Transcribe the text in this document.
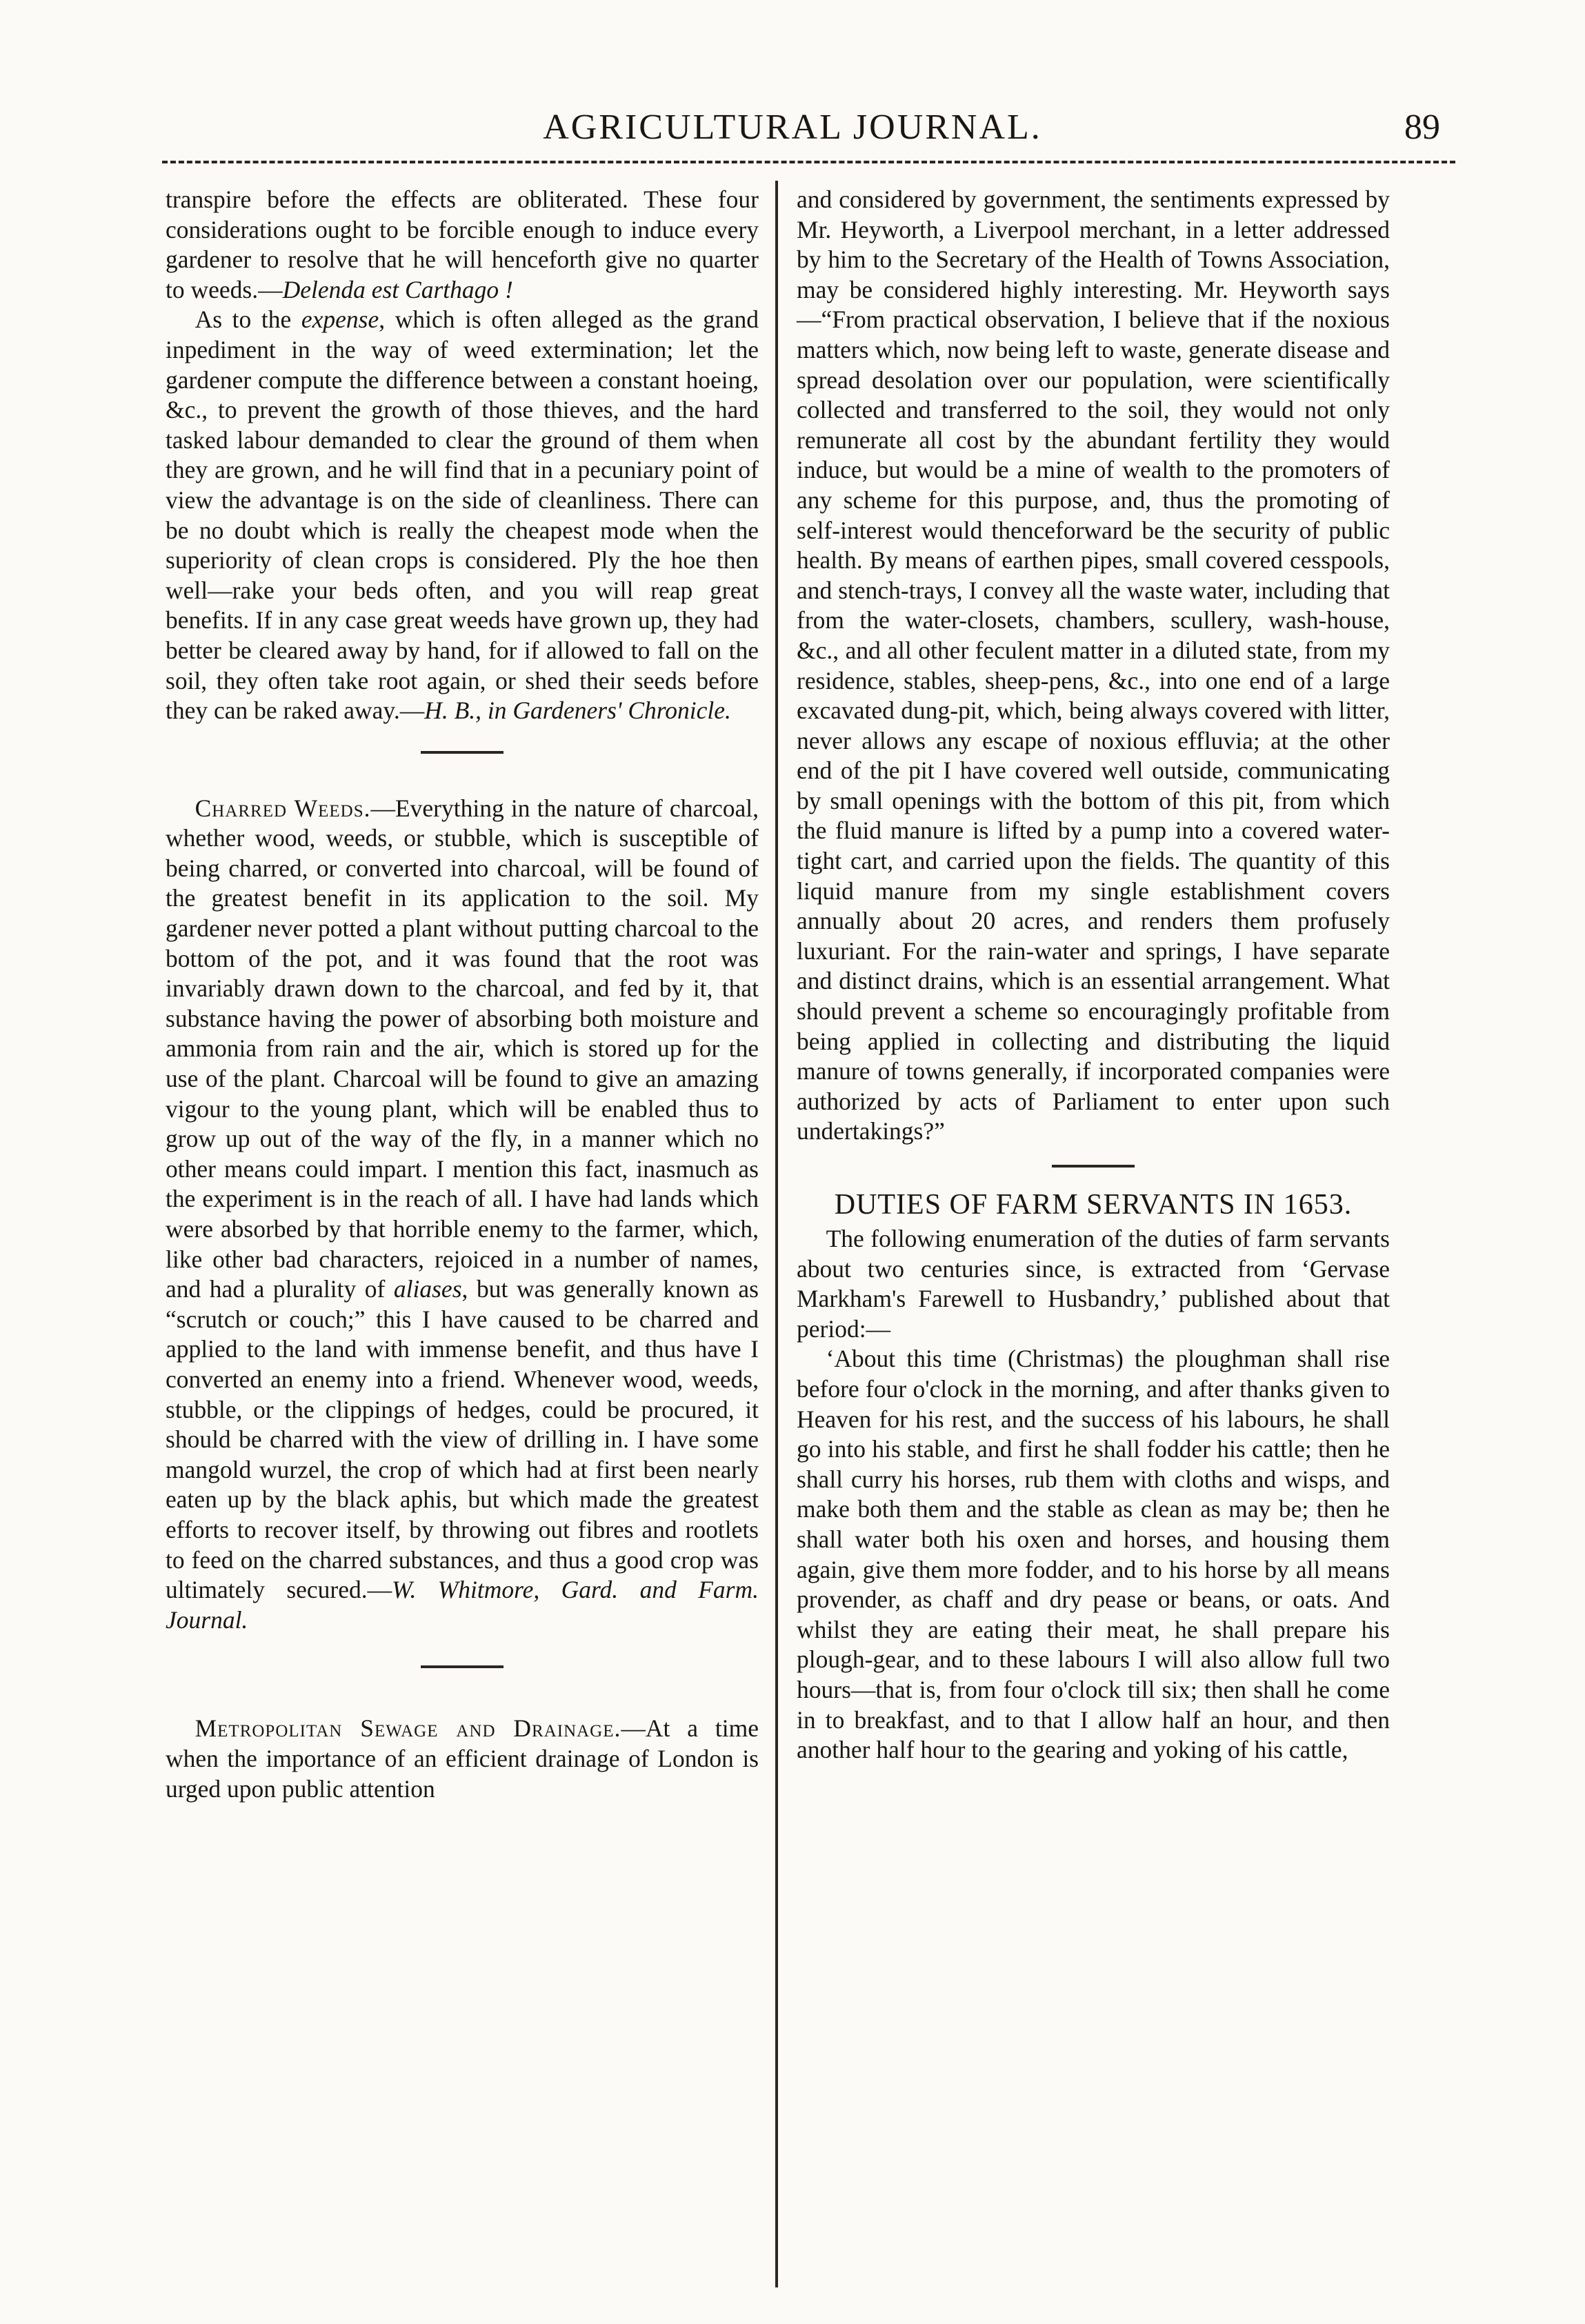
AGRICULTURAL JOURNAL.	89

transpire before the effects are obliterated. These four considerations ought to be forcible enough to induce every gardener to resolve that he will henceforth give no quarter to weeds.—Delenda est Carthago !

As to the expense, which is often alleged as the grand inpediment in the way of weed extermination; let the gardener compute the difference between a constant hoeing, &c., to prevent the growth of those thieves, and the hard tasked labour demanded to clear the ground of them when they are grown, and he will find that in a pecuniary point of view the advantage is on the side of cleanliness. There can be no doubt which is really the cheapest mode when the superiority of clean crops is considered. Ply the hoe then well—rake your beds often, and you will reap great benefits. If in any case great weeds have grown up, they had better be cleared away by hand, for if allowed to fall on the soil, they often take root again, or shed their seeds before they can be raked away.—H. B., in Gardeners' Chronicle.

Charred Weeds.—Everything in the nature of charcoal, whether wood, weeds, or stubble, which is susceptible of being charred, or converted into charcoal, will be found of the greatest benefit in its application to the soil. My gardener never potted a plant without putting charcoal to the bottom of the pot, and it was found that the root was invariably drawn down to the charcoal, and fed by it, that substance having the power of absorbing both moisture and ammonia from rain and the air, which is stored up for the use of the plant. Charcoal will be found to give an amazing vigour to the young plant, which will be enabled thus to grow up out of the way of the fly, in a manner which no other means could impart. I mention this fact, inasmuch as the experiment is in the reach of all. I have had lands which were absorbed by that horrible enemy to the farmer, which, like other bad characters, rejoiced in a number of names, and had a plurality of aliases, but was generally known as “scrutch or couch;” this I have caused to be charred and applied to the land with immense benefit, and thus have I converted an enemy into a friend. Whenever wood, weeds, stubble, or the clippings of hedges, could be procured, it should be charred with the view of drilling in. I have some mangold wurzel, the crop of which had at first been nearly eaten up by the black aphis, but which made the greatest efforts to recover itself, by throwing out fibres and rootlets to feed on the charred substances, and thus a good crop was ultimately secured.—W. Whitmore, Gard. and Farm. Journal.

Metropolitan Sewage and Drainage.—At a time when the importance of an efficient drainage of London is urged upon public attention

and considered by government, the sentiments expressed by Mr. Heyworth, a Liverpool merchant, in a letter addressed by him to the Secretary of the Health of Towns Association, may be considered highly interesting. Mr. Heyworth says—“From practical observation, I believe that if the noxious matters which, now being left to waste, generate disease and spread desolation over our population, were scientifically collected and transferred to the soil, they would not only remunerate all cost by the abundant fertility they would induce, but would be a mine of wealth to the promoters of any scheme for this purpose, and, thus the promoting of self-interest would thenceforward be the security of public health. By means of earthen pipes, small covered cesspools, and stench-trays, I convey all the waste water, including that from the water-closets, chambers, scullery, wash-house, &c., and all other feculent matter in a diluted state, from my residence, stables, sheep-pens, &c., into one end of a large excavated dung-pit, which, being always covered with litter, never allows any escape of noxious effluvia; at the other end of the pit I have covered well outside, communicating by small openings with the bottom of this pit, from which the fluid manure is lifted by a pump into a covered water-tight cart, and carried upon the fields. The quantity of this liquid manure from my single establishment covers annually about 20 acres, and renders them profusely luxuriant. For the rain-water and springs, I have separate and distinct drains, which is an essential arrangement. What should prevent a scheme so encouragingly profitable from being applied in collecting and distributing the liquid manure of towns generally, if incorporated companies were authorized by acts of Parliament to enter upon such undertakings?”

DUTIES OF FARM SERVANTS IN 1653.

The following enumeration of the duties of farm servants about two centuries since, is extracted from ‘Gervase Markham's Farewell to Husbandry,’ published about that period:—

‘About this time (Christmas) the ploughman shall rise before four o'clock in the morning, and after thanks given to Heaven for his rest, and the success of his labours, he shall go into his stable, and first he shall fodder his cattle; then he shall curry his horses, rub them with cloths and wisps, and make both them and the stable as clean as may be; then he shall water both his oxen and horses, and housing them again, give them more fodder, and to his horse by all means provender, as chaff and dry pease or beans, or oats. And whilst they are eating their meat, he shall prepare his plough-gear, and to these labours I will also allow full two hours—that is, from four o'clock till six; then shall he come in to breakfast, and to that I allow half an hour, and then another half hour to the gearing and yoking of his cattle,
